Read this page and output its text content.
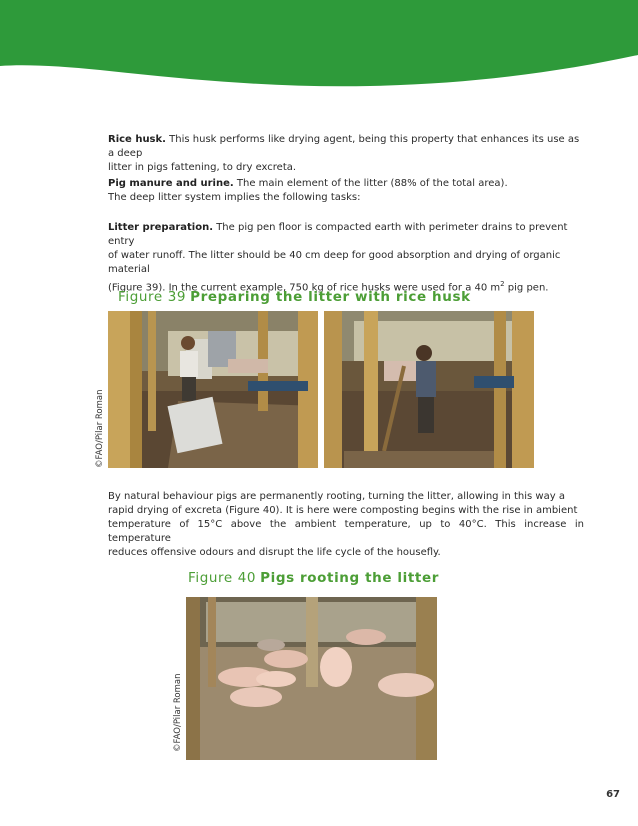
Rice husk. This husk performs like drying agent, being this property that enhances its use as a deep
litter in pigs fattening, to dry excreta.

Pig manure and urine. The main element of the litter (88% of the total area).
The deep litter system implies the following tasks:

Litter preparation. The pig pen floor is compacted earth with perimeter drains to prevent entry
of water runoff. The litter should be 40 cm deep for good absorption and drying of organic material
(Figure 39). In the current example, 750 kg of rice husks were used for a 40 $m^2$ pig pen.

Figure 39 Preparing the litter with rice husk
©FAO/Pilar Roman

By natural behaviour pigs are permanently rooting, turning the litter, allowing in this way a
rapid drying of excreta (Figure 40). It is here were composting begins with the rise in ambient
temperature of 15°C above the ambient temperature, up to 40°C. This increase in temperature
reduces offensive odours and disrupt the life cycle of the housefly.

Figure 40 Pigs rooting the litter
©FAO/Pilar Roman
67
